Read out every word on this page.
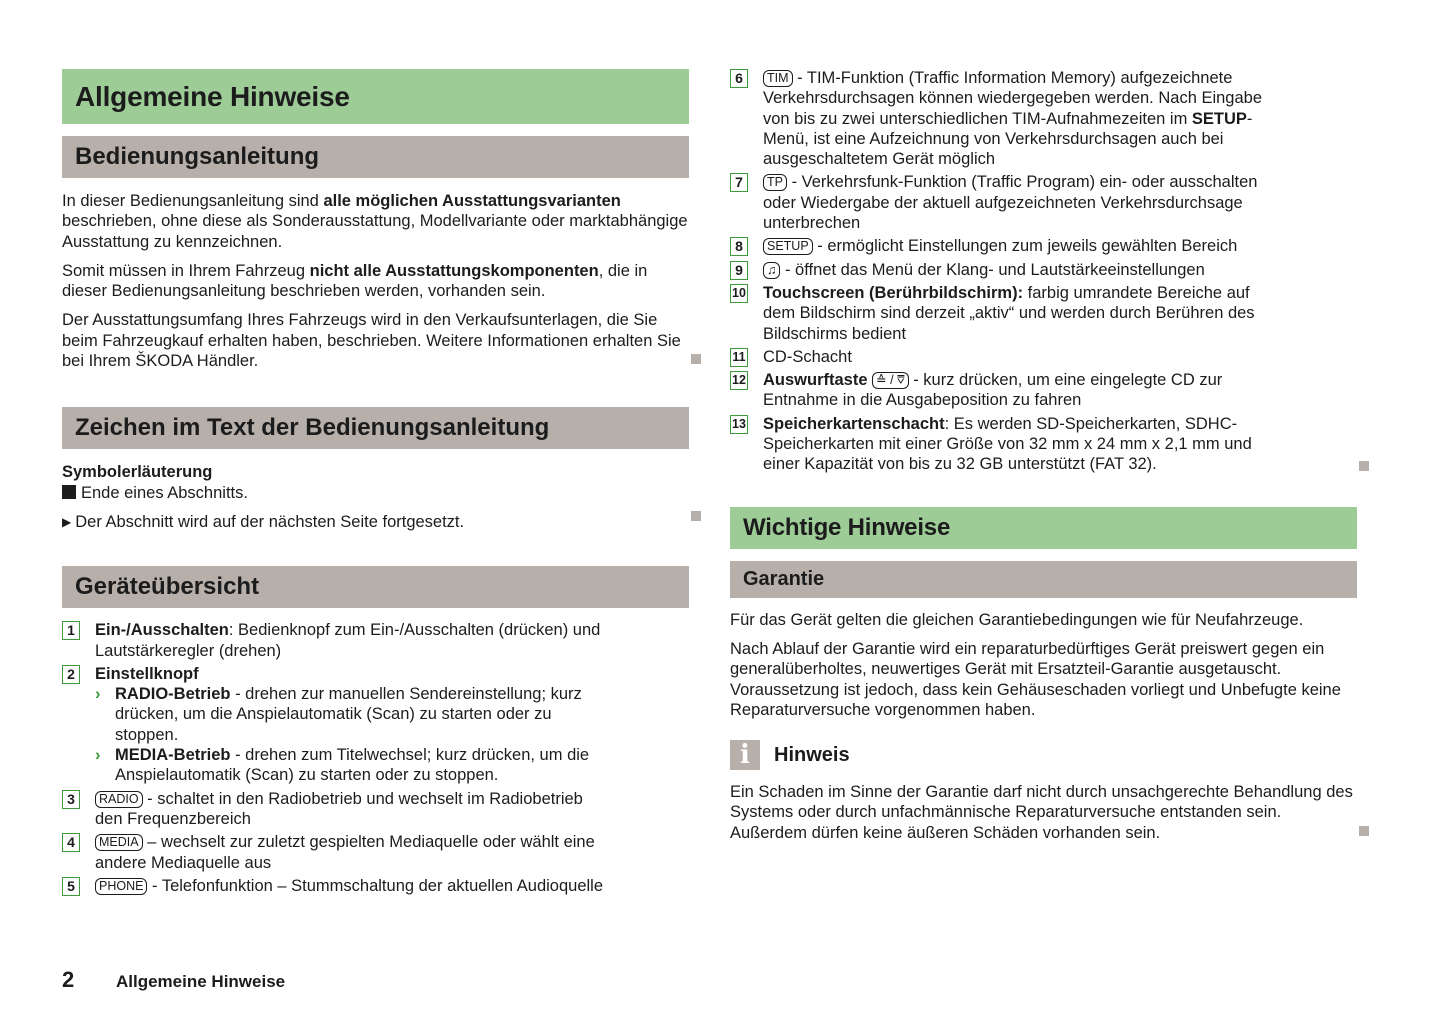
Allgemeine Hinweise
Bedienungsanleitung

In dieser Bedienungsanleitung sind alle möglichen Ausstattungsvarianten beschrieben, ohne diese als Sonderausstattung, Modellvariante oder marktabhängige Ausstattung zu kennzeichnen.

Somit müssen in Ihrem Fahrzeug nicht alle Ausstattungskomponenten, die in dieser Bedienungsanleitung beschrieben werden, vorhanden sein.

Der Ausstattungsumfang Ihres Fahrzeugs wird in den Verkaufsunterlagen, die Sie beim Fahrzeugkauf erhalten haben, beschrieben. Weitere Informationen erhalten Sie bei Ihrem ŠKODA Händler.

Zeichen im Text der Bedienungsanleitung

Symbolerläuterung

Ende eines Abschnitts.

▶ Der Abschnitt wird auf der nächsten Seite fortgesetzt.

Geräteübersicht
1	Ein-/Ausschalten: Bedienknopf zum Ein-/Ausschalten (drücken) und Lautstärkeregler (drehen)
2	Einstellknopf
› RADIO-Betrieb - drehen zur manuellen Sendereinstellung; kurz drücken, um die Anspielautomatik (Scan) zu starten oder zu stoppen.
› MEDIA-Betrieb - drehen zum Titelwechsel; kurz drücken, um die Anspielautomatik (Scan) zu starten oder zu stoppen.
3	RADIO - schaltet in den Radiobetrieb und wechselt im Radiobetrieb den Frequenzbereich
4	MEDIA – wechselt zur zuletzt gespielten Mediaquelle oder wählt eine andere Mediaquelle aus
5	PHONE - Telefonfunktion – Stummschaltung der aktuellen Audioquelle
6	TIM - TIM-Funktion (Traffic Information Memory) aufgezeichnete Verkehrsdurchsagen können wiedergegeben werden. Nach Eingabe von bis zu zwei unterschiedlichen TIM-Aufnahmezeiten im SETUP-Menü, ist eine Aufzeichnung von Verkehrsdurchsagen auch bei ausgeschaltetem Gerät möglich
7	TP - Verkehrsfunk-Funktion (Traffic Program) ein- oder ausschalten oder Wiedergabe der aktuell aufgezeichneten Verkehrsdurchsage unterbrechen
8	SETUP - ermöglicht Einstellungen zum jeweils gewählten Bereich
9	♫ - öffnet das Menü der Klang- und Lautstärkeeinstellungen
10 Touchscreen (Berührbildschirm): farbig umrandete Bereiche auf dem Bildschirm sind derzeit „aktiv“ und werden durch Berühren des Bildschirms bedient
11 CD-Schacht
12 Auswurftaste ≙ / ⩢ - kurz drücken, um eine eingelegte CD zur Entnahme in die Ausgabeposition zu fahren
13 Speicherkartenschacht: Es werden SD-Speicherkarten, SDHC-Speicherkarten mit einer Größe von 32 mm x 24 mm x 2,1 mm und einer Kapazität von bis zu 32 GB unterstützt (FAT 32).
Wichtige Hinweise
Garantie

Für das Gerät gelten die gleichen Garantiebedingungen wie für Neufahrzeuge.

Nach Ablauf der Garantie wird ein reparaturbedürftiges Gerät preiswert gegen ein generalüberholtes, neuwertiges Gerät mit Ersatzteil-Garantie ausgetauscht. Voraussetzung ist jedoch, dass kein Gehäuseschaden vorliegt und Unbefugte keine Reparaturversuche vorgenommen haben.

i	Hinweis

Ein Schaden im Sinne der Garantie darf nicht durch unsachgerechte Behandlung des Systems oder durch unfachmännische Reparaturversuche entstanden sein. Außerdem dürfen keine äußeren Schäden vorhanden sein.

2	Allgemeine Hinweise
